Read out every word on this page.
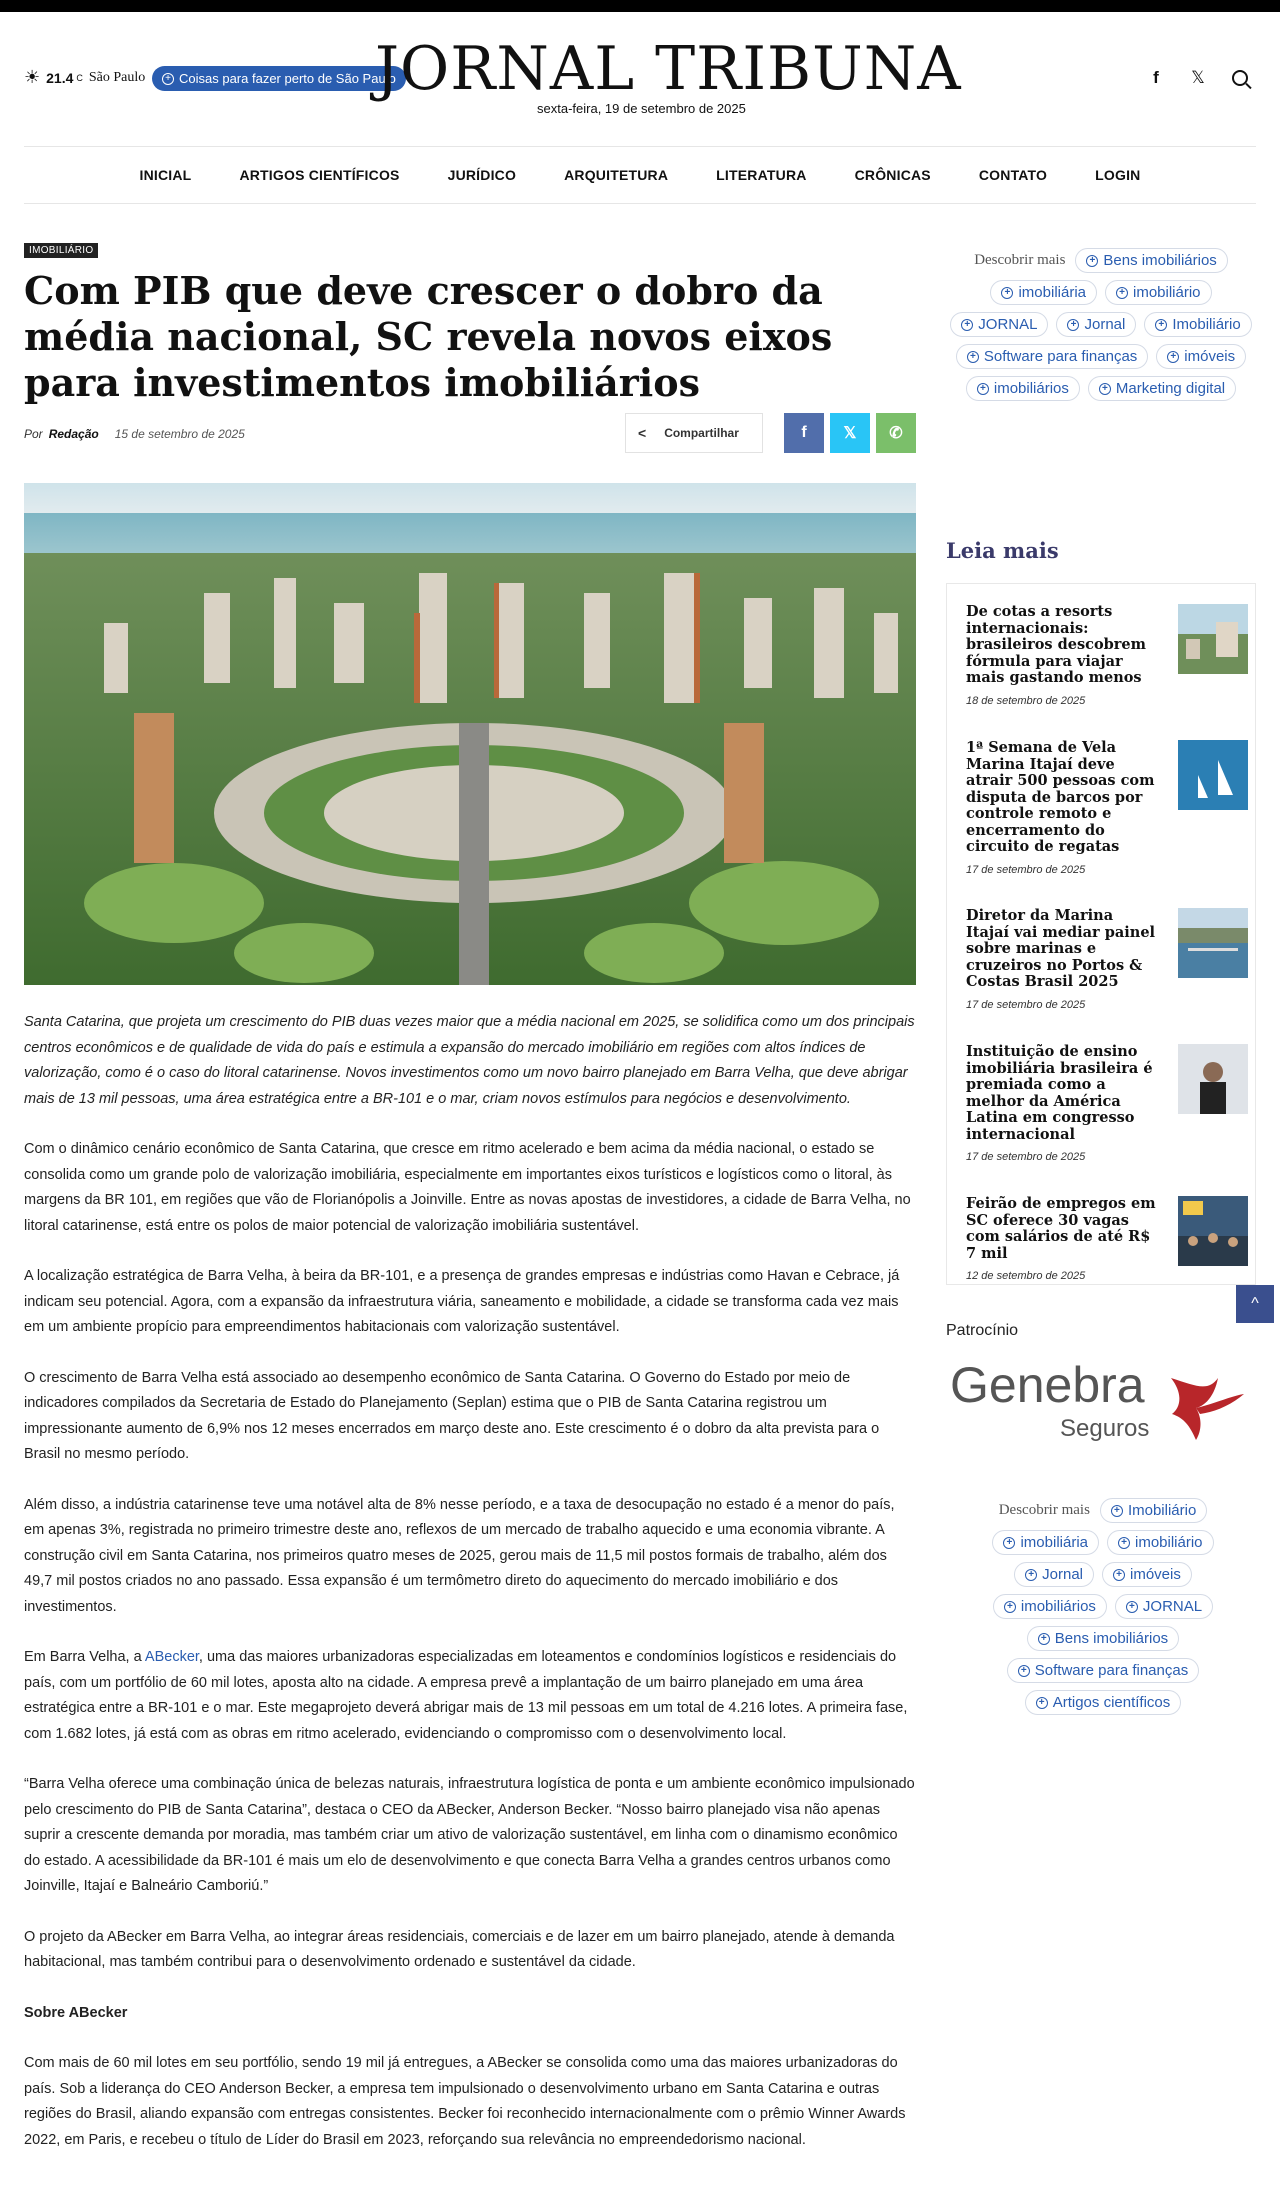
☀ 21.4 C São Paulo	+ Coisas para fazer perto de São Paulo
JORNAL TRIBUNA
sexta-feira, 19 de setembro de 2025
f	𝕏
INICIAL	ARTIGOS CIENTÍFICOS	JURÍDICO	ARQUITETURA	LITERATURA	CRÔNICAS	CONTATO	LOGIN
IMOBILIÁRIO
Com PIB que deve crescer o dobro da média nacional, SC revela novos eixos para investimentos imobiliários
Por Redação 15 de setembro de 2025	< Compartilhar	f 𝕏 ✆

Santa Catarina, que projeta um crescimento do PIB duas vezes maior que a média nacional em 2025, se solidifica como um dos principais centros econômicos e de qualidade de vida do país e estimula a expansão do mercado imobiliário em regiões com altos índices de valorização, como é o caso do litoral catarinense. Novos investimentos como um novo bairro planejado em Barra Velha, que deve abrigar mais de 13 mil pessoas, uma área estratégica entre a BR-101 e o mar, criam novos estímulos para negócios e desenvolvimento.

Com o dinâmico cenário econômico de Santa Catarina, que cresce em ritmo acelerado e bem acima da média nacional, o estado se consolida como um grande polo de valorização imobiliária, especialmente em importantes eixos turísticos e logísticos como o litoral, às margens da BR 101, em regiões que vão de Florianópolis a Joinville. Entre as novas apostas de investidores, a cidade de Barra Velha, no litoral catarinense, está entre os polos de maior potencial de valorização imobiliária sustentável.

A localização estratégica de Barra Velha, à beira da BR-101, e a presença de grandes empresas e indústrias como Havan e Cebrace, já indicam seu potencial. Agora, com a expansão da infraestrutura viária, saneamento e mobilidade, a cidade se transforma cada vez mais em um ambiente propício para empreendimentos habitacionais com valorização sustentável.

O crescimento de Barra Velha está associado ao desempenho econômico de Santa Catarina. O Governo do Estado por meio de indicadores compilados da Secretaria de Estado do Planejamento (Seplan) estima que o PIB de Santa Catarina registrou um impressionante aumento de 6,9% nos 12 meses encerrados em março deste ano. Este crescimento é o dobro da alta prevista para o Brasil no mesmo período.

Além disso, a indústria catarinense teve uma notável alta de 8% nesse período, e a taxa de desocupação no estado é a menor do país, em apenas 3%, registrada no primeiro trimestre deste ano, reflexos de um mercado de trabalho aquecido e uma economia vibrante. A construção civil em Santa Catarina, nos primeiros quatro meses de 2025, gerou mais de 11,5 mil postos formais de trabalho, além dos 49,7 mil postos criados no ano passado. Essa expansão é um termômetro direto do aquecimento do mercado imobiliário e dos investimentos.

Em Barra Velha, a ABecker, uma das maiores urbanizadoras especializadas em loteamentos e condomínios logísticos e residenciais do país, com um portfólio de 60 mil lotes, aposta alto na cidade. A empresa prevê a implantação de um bairro planejado em uma área estratégica entre a BR-101 e o mar. Este megaprojeto deverá abrigar mais de 13 mil pessoas em um total de 4.216 lotes. A primeira fase, com 1.682 lotes, já está com as obras em ritmo acelerado, evidenciando o compromisso com o desenvolvimento local.

“Barra Velha oferece uma combinação única de belezas naturais, infraestrutura logística de ponta e um ambiente econômico impulsionado pelo crescimento do PIB de Santa Catarina”, destaca o CEO da ABecker, Anderson Becker. “Nosso bairro planejado visa não apenas suprir a crescente demanda por moradia, mas também criar um ativo de valorização sustentável, em linha com o dinamismo econômico do estado. A acessibilidade da BR-101 é mais um elo de desenvolvimento e que conecta Barra Velha a grandes centros urbanos como Joinville, Itajaí e Balneário Camboriú.”

O projeto da ABecker em Barra Velha, ao integrar áreas residenciais, comerciais e de lazer em um bairro planejado, atende à demanda habitacional, mas também contribui para o desenvolvimento ordenado e sustentável da cidade.

Sobre ABecker

Com mais de 60 mil lotes em seu portfólio, sendo 19 mil já entregues, a ABecker se consolida como uma das maiores urbanizadoras do país. Sob a liderança do CEO Anderson Becker, a empresa tem impulsionado o desenvolvimento urbano em Santa Catarina e outras regiões do Brasil, aliando expansão com entregas consistentes. Becker foi reconhecido internacionalmente com o prêmio Winner Awards 2022, em Paris, e recebeu o título de Líder do Brasil em 2023, reforçando sua relevância no empreendedorismo nacional.

Descobrir mais	+ Bens imobiliários
+ imobiliária	+ imobiliário
+ JORNAL	+ Jornal	+ Imobiliário
+ Software para finanças	+ imóveis
+ imobiliários	+ Marketing digital
Leia mais
De cotas a resorts internacionais: brasileiros descobrem fórmula para viajar mais gastando menos
18 de setembro de 2025
1ª Semana de Vela Marina Itajaí deve atrair 500 pessoas com disputa de barcos por controle remoto e encerramento do circuito de regatas
17 de setembro de 2025
Diretor da Marina Itajaí vai mediar painel sobre marinas e cruzeiros no Portos & Costas Brasil 2025
17 de setembro de 2025
Instituição de ensino imobiliária brasileira é premiada como a melhor da América Latina em congresso internacional
17 de setembro de 2025
Feirão de empregos em SC oferece 30 vagas com salários de até R$ 7 mil
12 de setembro de 2025
^
Patrocínio
Genebra
Seguros
Descobrir mais	+ Imobiliário
+ imobiliária	+ imobiliário
+ Jornal	+ imóveis
+ imobiliários	+ JORNAL
+ Bens imobiliários
+ Software para finanças
+ Artigos científicos
